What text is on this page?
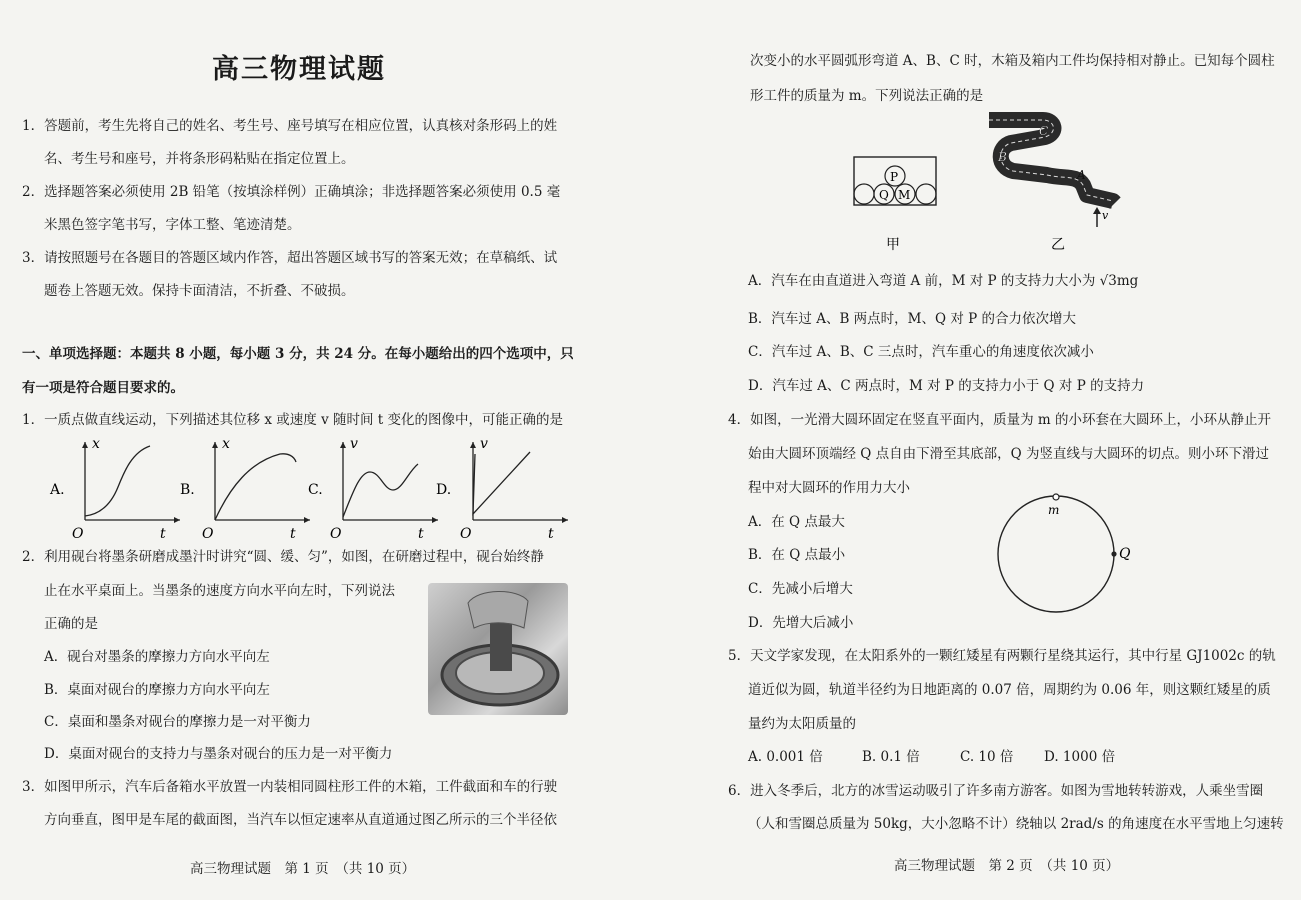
高三物理试题
1．答题前，考生先将自己的姓名、考生号、座号填写在相应位置，认真核对条形码上的姓
名、考生号和座号，并将条形码粘贴在指定位置上。
2．选择题答案必须使用 2B 铅笔（按填涂样例）正确填涂；非选择题答案必须使用 0.5 毫
米黑色签字笔书写，字体工整、笔迹清楚。
3．请按照题号在各题目的答题区域内作答，超出答题区域书写的答案无效；在草稿纸、试
题卷上答题无效。保持卡面清洁，不折叠、不破损。
一、单项选择题：本题共 8 小题，每小题 3 分，共 24 分。在每小题给出的四个选项中，只
有一项是符合题目要求的。
1．一质点做直线运动，下列描述其位移 x 或速度 v 随时间 t 变化的图像中，可能正确的是
A.
x
t
O
B.
x
t
O
C.
v
t
O
D.
v
t
O
2．利用砚台将墨条研磨成墨汁时讲究“圆、缓、匀”，如图，在研磨过程中，砚台始终静
止在水平桌面上。当墨条的速度方向水平向左时，下列说法
正确的是
A．砚台对墨条的摩擦力方向水平向左
B．桌面对砚台的摩擦力方向水平向左
C．桌面和墨条对砚台的摩擦力是一对平衡力
D．桌面对砚台的支持力与墨条对砚台的压力是一对平衡力
3．如图甲所示，汽车后备箱水平放置一内装相同圆柱形工件的木箱，工件截面和车的行驶
方向垂直，图甲是车尾的截面图，当汽车以恒定速率从直道通过图乙所示的三个半径依
高三物理试题　第 1 页　（共 10 页）
次变小的水平圆弧形弯道 A、B、C 时，木箱及箱内工件均保持相对静止。已知每个圆柱
形工件的质量为 m。下列说法正确的是
P
Q M
甲
C
B
A
v
乙
A．汽车在由直道进入弯道 A 前，M 对 P 的支持力大小为 √3mg
B．汽车过 A、B 两点时，M、Q 对 P 的合力依次增大
C．汽车过 A、B、C 三点时，汽车重心的角速度依次减小
D．汽车过 A、C 两点时，M 对 P 的支持力小于 Q 对 P 的支持力
4．如图，一光滑大圆环固定在竖直平面内，质量为 m 的小环套在大圆环上，小环从静止开
始由大圆环顶端经 Q 点自由下滑至其底部，Q 为竖直线与大圆环的切点。则小环下滑过
程中对大圆环的作用力大小
A．在 Q 点最大
B．在 Q 点最小
C．先减小后增大
D．先增大后减小
m
Q
5．天文学家发现，在太阳系外的一颗红矮星有两颗行星绕其运行，其中行星 GJ1002c 的轨
道近似为圆，轨道半径约为日地距离的 0.07 倍，周期约为 0.06 年，则这颗红矮星的质
量约为太阳质量的
A. 0.001 倍	B. 0.1 倍	C. 10 倍 D. 1000 倍
6．进入冬季后，北方的冰雪运动吸引了许多南方游客。如图为雪地转转游戏，人乘坐雪圈
（人和雪圈总质量为 50kg，大小忽略不计）绕轴以 2rad/s 的角速度在水平雪地上匀速转
高三物理试题　第 2 页　（共 10 页）
